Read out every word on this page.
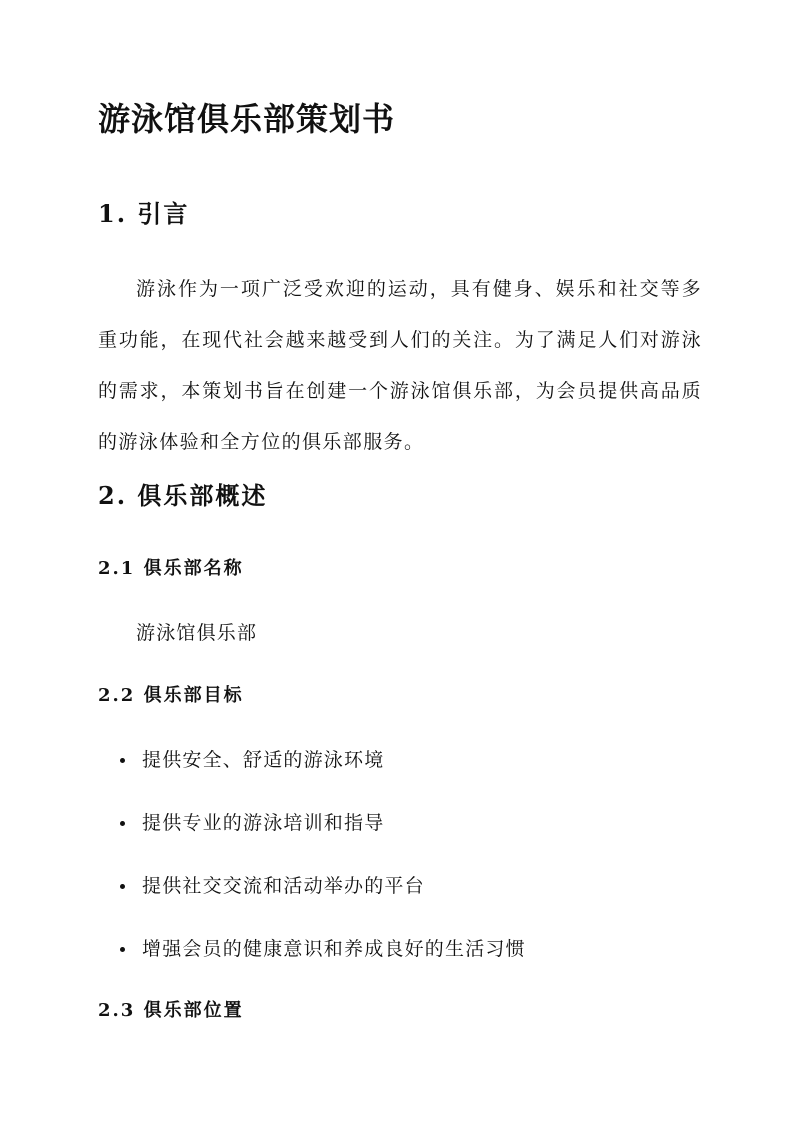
游泳馆俱乐部策划书
1. 引言
游泳作为一项广泛受欢迎的运动，具有健身、娱乐和社交等多重功能，在现代社会越来越受到人们的关注。为了满足人们对游泳的需求，本策划书旨在创建一个游泳馆俱乐部，为会员提供高品质的游泳体验和全方位的俱乐部服务。
2. 俱乐部概述
2.1 俱乐部名称
游泳馆俱乐部
2.2 俱乐部目标
提供安全、舒适的游泳环境
提供专业的游泳培训和指导
提供社交交流和活动举办的平台
增强会员的健康意识和养成良好的生活习惯
2.3 俱乐部位置
